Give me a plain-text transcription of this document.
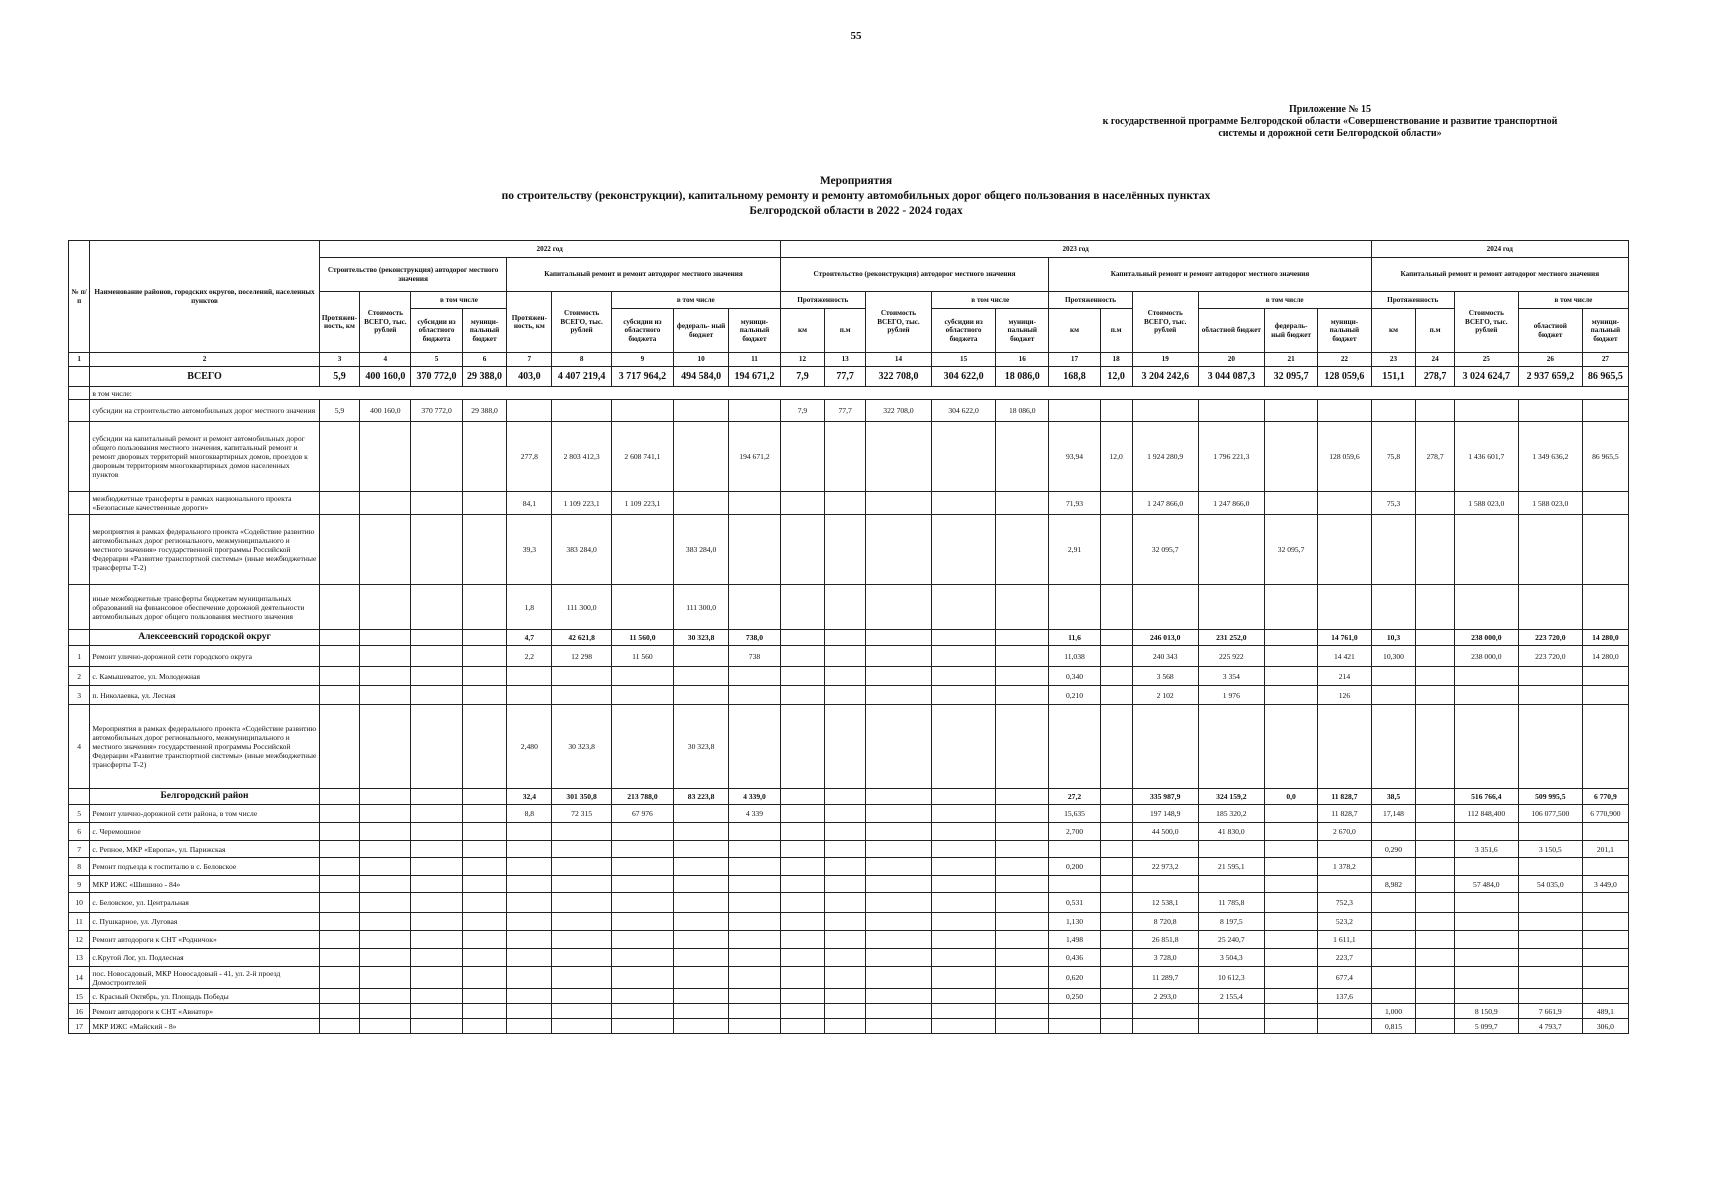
55
Приложение № 15
к государственной программе Белгородской области «Совершенствование и развитие транспортной
системы и дорожной сети Белгородской области»
Мероприятия
по строительству (реконструкции), капитальному ремонту и ремонту автомобильных дорог общего пользования в населённых пунктах
Белгородской области в 2022 - 2024 годах
№ п/п	Наименование районов, городских округов, поселений, населенных пунктов	2022 год									2023 год											2024 год				
		Строительство (реконструкция) автодорог местного значения				Капитальный ремонт и ремонт автодорог местного значения					Строительство (реконструкция) автодорог местного значения					Капитальный ремонт и ремонт автодорог местного значения						Капитальный ремонт и ремонт автодорог местного значения				
		Протяжен- ность, км	Стоимость ВСЕГО, тыс. рублей	в том числе		Протяжен- ность, км	Стоимость ВСЕГО, тыс. рублей	в том числе			Протяженность		Стоимость ВСЕГО, тыс. рублей	в том числе		Протяженность		Стоимость ВСЕГО, тыс. рублей	в том числе			Протяженность		Стоимость ВСЕГО, тыс. рублей	в том числе	
				субсидии из областного бюджета	муници- пальный бюджет			субсидии из областного бюджета	федераль- ный бюджет	муници- пальный бюджет	км	п.м		субсидии из областного бюджета	муници- пальный бюджет	км	п.м		областной бюджет	федераль- ный бюджет	муници- пальный бюджет	км	п.м		областной бюджет	муници- пальный бюджет
1	2	3	4	5	6	7	8	9	10	11	12	13	14	15	16	17	18	19	20	21	22	23	24	25	26	27
	ВСЕГО	5,9	400 160,0	370 772,0	29 388,0	403,0	4 407 219,4	3 717 964,2	494 584,0	194 671,2	7,9	77,7	322 708,0	304 622,0	18 086,0	168,8	12,0	3 204 242,6	3 044 087,3	32 095,7	128 059,6	151,1	278,7	3 024 624,7	2 937 659,2	86 965,5
	в том числе:																									
	субсидии на строительство автомобильных дорог местного значения	5,9	400 160,0	370 772,0	29 388,0						7,9	77,7	322 708,0	304 622,0	18 086,0											
	субсидии на капитальный ремонт и ремонт автомобильных дорог общего пользования местного значения, капитальный ремонт и ремонт дворовых территорий многоквартирных домов, проездов к дворовым территориям многоквартирных домов населенных пунктов					277,8	2 803 412,3	2 608 741,1		194 671,2						93,94	12,0	1 924 280,9	1 796 221,3		128 059,6	75,8	278,7	1 436 601,7	1 349 636,2	86 965,5
	межбюджетные трансферты в рамках национального проекта «Безопасные качественные дороги»					84,1	1 109 223,1	1 109 223,1								71,93		1 247 866,0	1 247 866,0			75,3		1 588 023,0	1 588 023,0	
	мероприятия в рамках федерального проекта «Содействие развитию автомобильных дорог регионального, межмуниципального и местного значения» государственной программы Российской Федерации «Развитие транспортной системы» (иные межбюджетные трансферты Т-2)					39,3	383 284,0		383 284,0							2,91		32 095,7		32 095,7						
	иные межбюджетные трансферты бюджетам муниципальных образований на финансовое обеспечение дорожной деятельности автомобильных дорог общего пользования местного значения					1,8	111 300,0		111 300,0																	
	Алексеевский городской округ					4,7	42 621,8	11 560,0	30 323,8	738,0						11,6		246 013,0	231 252,0		14 761,0	10,3		238 000,0	223 720,0	14 280,0
1	Ремонт улично-дорожной сети городского округа					2,2	12 298	11 560		738						11,038		240 343	225 922		14 421	10,300		238 000,0	223 720,0	14 280,0
2	с. Камышеватое, ул. Молодежная															0,340		3 568	3 354		214					
3	п. Николаевка, ул. Лесная															0,210		2 102	1 976		126					
4	Мероприятия в рамках федерального проекта «Содействие развитию автомобильных дорог регионального, межмуниципального и местного значения» государственной программы Российской Федерации «Развитие транспортной системы» (иные межбюджетные трансферты Т-2)					2,480	30 323,8		30 323,8																	
	Белгородский район					32,4	301 350,8	213 788,0	83 223,8	4 339,0						27,2		335 987,9	324 159,2	0,0	11 828,7	38,5		516 766,4	509 995,5	6 770,9
5	Ремонт улично-дорожной сети района, в том числе					8,8	72 315	67 976		4 339						15,635		197 148,9	185 320,2		11 828,7	17,148		112 848,400	106 077,500	6 770,900
6	с. Черемошное															2,700		44 500,0	41 830,0		2 670,0					
7	с. Репное, МКР «Европа», ул. Парижская																					0,290		3 351,6	3 150,5	201,1
8	Ремонт подъезда к госпиталю в с. Беловское															0,200		22 973,2	21 595,1		1 378,2					
9	МКР ИЖС «Шишино - 84»																					8,982		57 484,0	54 035,0	3 449,0
10	с. Беловское, ул. Центральная															0,531		12 538,1	11 785,8		752,3					
11	с. Пушкарное, ул. Луговая															1,130		8 720,8	8 197,5		523,2					
12	Ремонт автодороги к СНТ «Родничок»															1,498		26 851,8	25 240,7		1 611,1					
13	с.Крутой Лог, ул. Подлесная															0,436		3 728,0	3 504,3		223,7					
14	пос. Новосадовый, МКР Новосадовый - 41, ул. 2-й проезд Домостроителей															0,620		11 289,7	10 612,3		677,4					
15	с. Красный Октябрь, ул. Площадь Победы															0,250		2 293,0	2 155,4		137,6					
16	Ремонт автодороги к СНТ «Авиатор»																					1,000		8 150,9	7 661,9	489,1
17	МКР ИЖС «Майский - 8»																					0,815		5 099,7	4 793,7	306,0
